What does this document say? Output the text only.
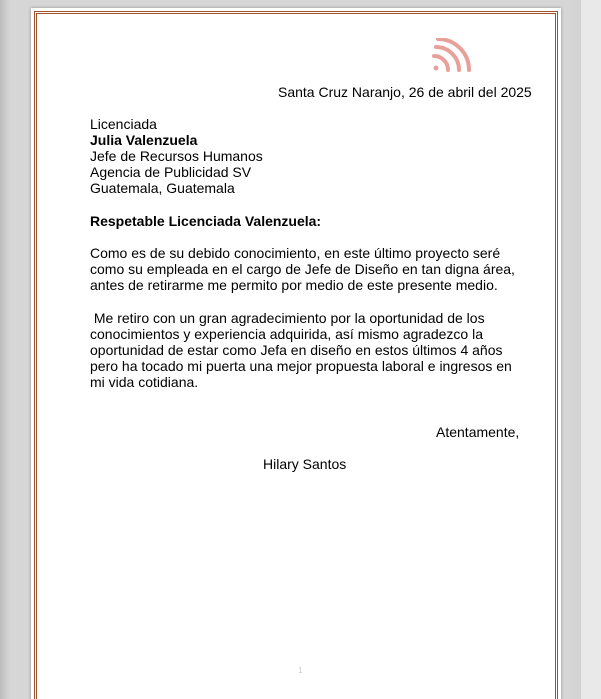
Santa Cruz Naranjo, 26 de abril del 2025
Licenciada
Julia Valenzuela
Jefe de Recursos Humanos
Agencia de Publicidad SV
Guatemala, Guatemala
Respetable Licenciada Valenzuela:
Como es de su debido conocimiento, en este último proyecto seré como su empleada en el cargo de Jefe de Diseño en tan digna área, antes de retirarme me permito por medio de este presente medio.
Me retiro con un gran agradecimiento por la oportunidad de los conocimientos y experiencia adquirida, así mismo agradezco la oportunidad de estar como Jefa en diseño en estos últimos 4 años pero ha tocado mi puerta una mejor propuesta laboral e ingresos en mi vida cotidiana.
Atentamente,
Hilary Santos
1
